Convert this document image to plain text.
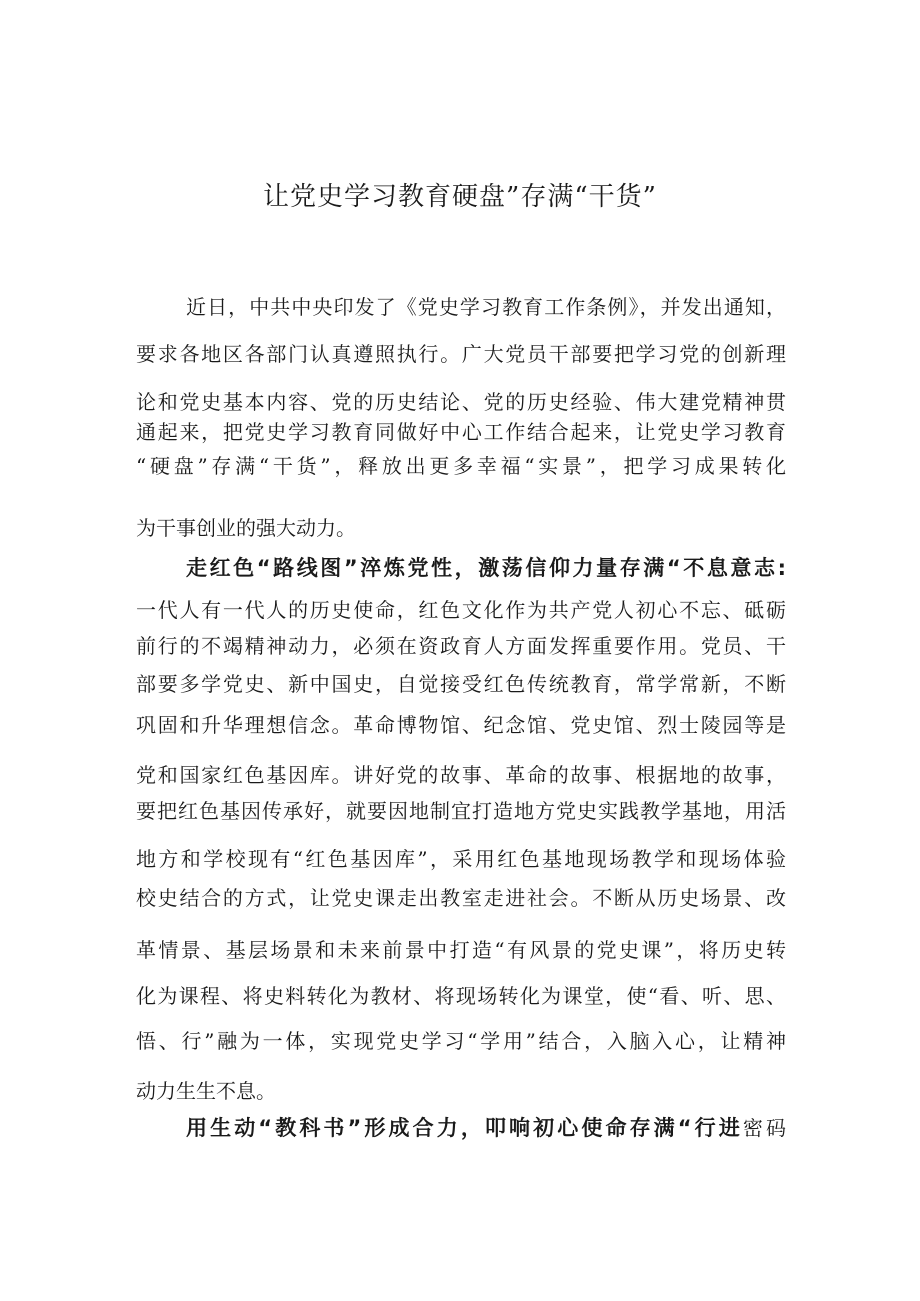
让党史学习教育硬盘”存满“干货”

近日，中共中央印发了《党史学习教育工作条例》，并发出通知，

要求各地区各部门认真遵照执行。广大党员干部要把学习党的创新理

论和党史基本内容、党的历史结论、党的历史经验、伟大建党精神贯

通起来，把党史学习教育同做好中心工作结合起来，让党史学习教育

“硬盘”存满“干货”，释放出更多幸福“实景”，把学习成果转化

为干事创业的强大动力。

走红色“路线图”淬炼党性，激荡信仰力量存满“不息意志:

一代人有一代人的历史使命，红色文化作为共产党人初心不忘、砥砺

前行的不竭精神动力，必须在资政育人方面发挥重要作用。党员、干

部要多学党史、新中国史，自觉接受红色传统教育，常学常新，不断

巩固和升华理想信念。革命博物馆、纪念馆、党史馆、烈士陵园等是

党和国家红色基因库。讲好党的故事、革命的故事、根据地的故事，

要把红色基因传承好，就要因地制宜打造地方党史实践教学基地，用活

地方和学校现有“红色基因库”，采用红色基地现场教学和现场体验

校史结合的方式，让党史课走出教室走进社会。不断从历史场景、改

革情景、基层场景和未来前景中打造“有风景的党史课”，将历史转

化为课程、将史料转化为教材、将现场转化为课堂，使“看、听、思、

悟、行”融为一体，实现党史学习“学用”结合，入脑入心，让精神

动力生生不息。

用生动“教科书”形成合力，叩响初心使命存满“行进密码
